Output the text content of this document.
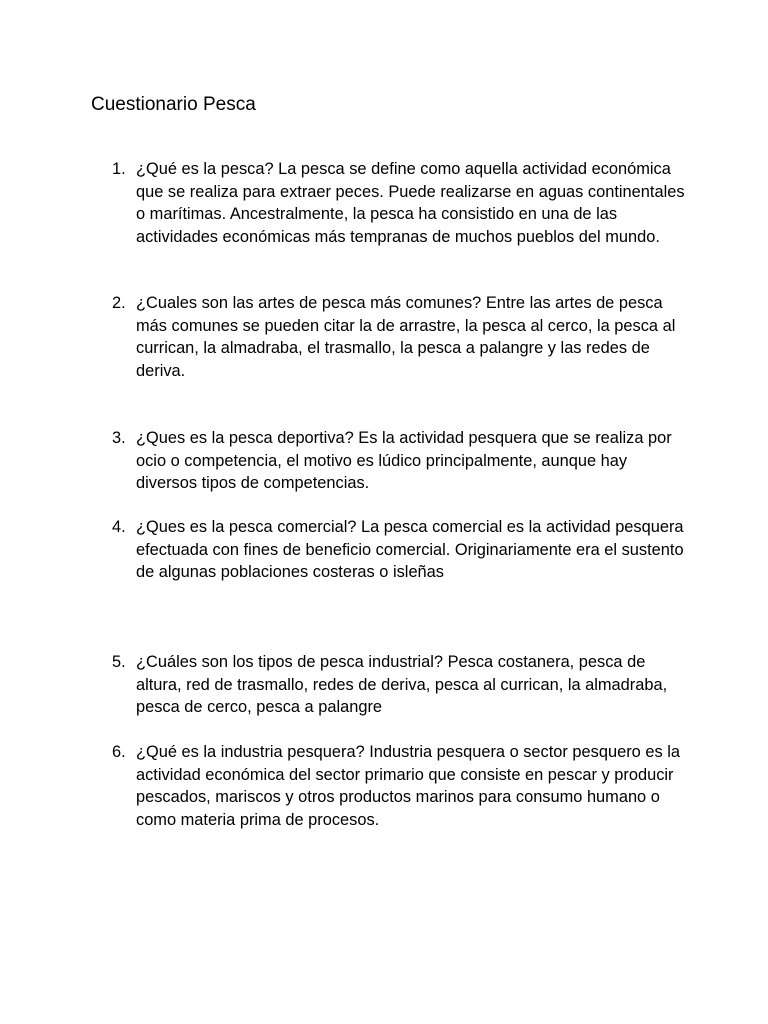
Cuestionario Pesca
1. ¿Qué es la pesca? La pesca se define como aquella actividad económica que se realiza para extraer peces. Puede realizarse en aguas continentales o marítimas. Ancestralmente, la pesca ha consistido en una de las actividades económicas más tempranas de muchos pueblos del mundo.
2. ¿Cuales son las artes de pesca más comunes? Entre las artes de pesca más comunes se pueden citar la de arrastre, la pesca al cerco, la pesca al currican, la almadraba, el trasmallo, la pesca a palangre y las redes de deriva.
3. ¿Ques es la pesca deportiva? Es la actividad pesquera que se realiza por ocio o competencia, el motivo es lúdico principalmente, aunque hay diversos tipos de competencias.
4. ¿Ques es la pesca comercial? La pesca comercial es la actividad pesquera efectuada con fines de beneficio comercial. Originariamente era el sustento de algunas poblaciones costeras o isleñas
5. ¿Cuáles son los tipos de pesca industrial? Pesca costanera, pesca de altura, red de trasmallo, redes de deriva, pesca al currican, la almadraba, pesca de cerco, pesca a palangre
6. ¿Qué es la industria pesquera? Industria pesquera o sector pesquero es la actividad económica del sector primario que consiste en pescar y producir pescados, mariscos y otros productos marinos para consumo humano o como materia prima de procesos.
